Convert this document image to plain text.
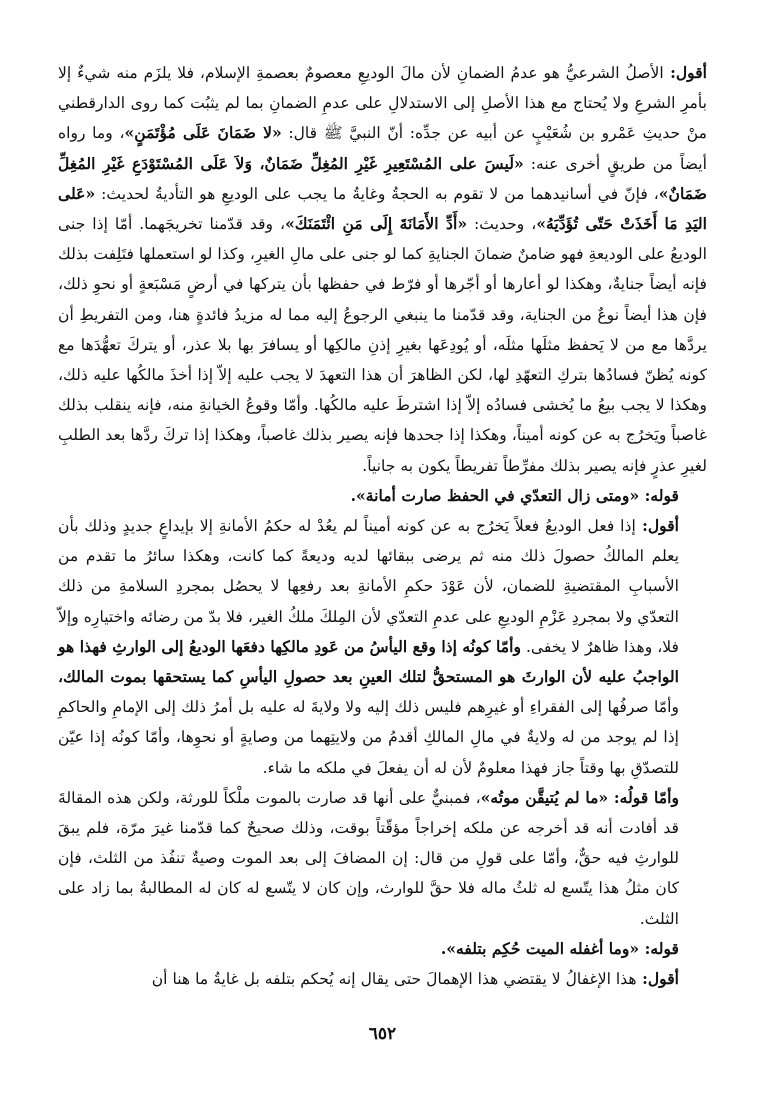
أقول: الأصلُ الشرعيُّ هو عدمُ الضمانِ لأن مالَ الوديعِ معصومٌ بعصمةِ الإسلام، فلا يلزَم منه شيءٌ إلا بأمرِ الشرعِ ولا يُحتاج مع هذا الأصلِ إلى الاستدلالِ على عدمِ الضمانِ بما لم يثبُت كما روى الدارقطني منْ حديثِ عَمْرو بن شُعَيْبٍ عن أبيه عن جدِّه: أنّ النبيَّ ﷺ قال: «لا ضَمَانَ عَلَى مُؤْتَمَنٍ»، وما رواه أيضاً من طريقٍ أخرى عنه: «لَيسَ على المُسْتَعِيرِ غَيْرِ المُغِلِّ ضَمَانٌ، وَلاَ عَلَى المُسْتَوْدَعِ غَيْرِ المُغِلِّ ضَمَانٌ»، فإنّ في أسانيدهما من لا تقوم به الحجةُ وغايةُ ما يجب على الوديعِ هو التأديةُ لحديث: «عَلى اليَدِ مَا أَخَذَتْ حَتّى تُؤَدِّيَهُ»، وحديث: «أَدِّ الأَمَانَةَ إِلَى مَنِ ائْتَمَنَكَ»، وقد قدّمنا تخريجَهما. أمّا إذا جنى الوديعُ على الوديعةِ فهو ضامنٌ ضمانَ الجنايةِ كما لو جنى على مالِ الغيرِ، وكذا لو استعملها فتَلِفت بذلك فإنه أيضاً جنايةٌ، وهكذا لو أعارها أو أجّرها أو فرّط في حفظها بأن يتركها في أرضٍ مَسْبَعةٍ أو نحوِ ذلك، فإن هذا أيضاً نوعٌ من الجناية، وقد قدّمنا ما ينبغي الرجوعُ إليه مما له مزيدُ فائدةٍ هنا، ومن التفريطِ أن يردَّها مع من لا يَحفظ مثلَها مثلَه، أو يُودِعَها بغيرِ إذنِ مالكِها أو يسافرَ بها بلا عذر، أو يتركَ تعهُّدَها مع كونه يُظنّ فسادُها بتركِ التعهّدِ لها، لكن الظاهرَ أن هذا التعهدَ لا يجب عليه إلاّ إذا أخذَ مالكُها عليه ذلك، وهكذا لا يجب بيعُ ما يُخشى فسادُه إلاّ إذا اشترطَ عليه مالكُها. وأمّا وقوعُ الخيانةِ منه، فإنه ينقلب بذلك غاصباً ويَخرُج به عن كونه أميناً، وهكذا إذا جحدها فإنه يصير بذلك غاصباً، وهكذا إذا تركَ ردَّها بعد الطلبِ لغيرِ عذرٍ فإنه يصير بذلك مفرِّطاً تفريطاً يكون به جانياً.

قوله: «ومتى زال التعدّي في الحفظ صارت أمانة».

أقول: إذا فعل الوديعُ فعلاً يَخرُج به عن كونه أميناً لم يعُدْ له حكمُ الأمانةِ إلا بإيداعٍ جديدٍ وذلك بأن يعلم المالكُ حصولَ ذلك منه ثم يرضى ببقائها لديه وديعةً كما كانت، وهكذا سائرُ ما تقدم من الأسبابِ المقتضيةِ للضمان، لأن عَوْدَ حكمِ الأمانةِ بعد رفعِها لا يحصُل بمجردِ السلامةِ من ذلك التعدّي ولا بمجردِ عَزْمِ الوديعِ على عدمِ التعدّي لأن المِلكَ ملكُ الغير، فلا بدّ من رضائه واختيارِه وإلاّ فلا، وهذا ظاهرٌ لا يخفى. وأمّا كونُه إذا وقع اليأسُ من عَودِ مالكِها دفعَها الوديعُ إلى الوارثِ فهذا هو الواجبُ عليه لأن الوارثَ هو المستحقُّ لتلك العينِ بعد حصولِ اليأسِ كما يستحقها بموت المالك، وأمّا صرفُها إلى الفقراءِ أو غيرِهم فليس ذلك إليه ولا ولايةَ له عليه بل أمرُ ذلك إلى الإمامِ والحاكمِ إذا لم يوجد من له ولايةٌ في مالِ المالكِ أقدمُ من ولايتِهما من وصايةٍ أو نحوِها، وأمّا كونُه إذا عيّن للتصدّقِ بها وقتاً جاز فهذا معلومٌ لأن له أن يفعلَ في ملكه ما شاء.

وأمّا قولُه: «ما لم يُتيقَّن موتُه»، فمبنيٌّ على أنها قد صارت بالموت ملْكاً للورثة، ولكن هذه المقالةَ قد أفادت أنه قد أخرجه عن ملكه إخراجاً مؤقّتاً بوقت، وذلك صحيحٌ كما قدّمنا غيرَ مرّة، فلم يبقَ للوارثِ فيه حقٌّ، وأمّا على قولِ من قال: إن المضافَ إلى بعد الموت وصيةٌ تنفُذ من الثلث، فإن كان مثلُ هذا يتّسع له ثلثُ ماله فلا حقَّ للوارث، وإن كان لا يتّسع له كان له المطالبةُ بما زاد على الثلث.

قوله: «وما أغفله الميت حُكِم بتلفه».

أقول: هذا الإغفالُ لا يقتضي هذا الإهمالَ حتى يقال إنه يُحكم بتلفه بل غايةُ ما هنا أن

٦٥٢
